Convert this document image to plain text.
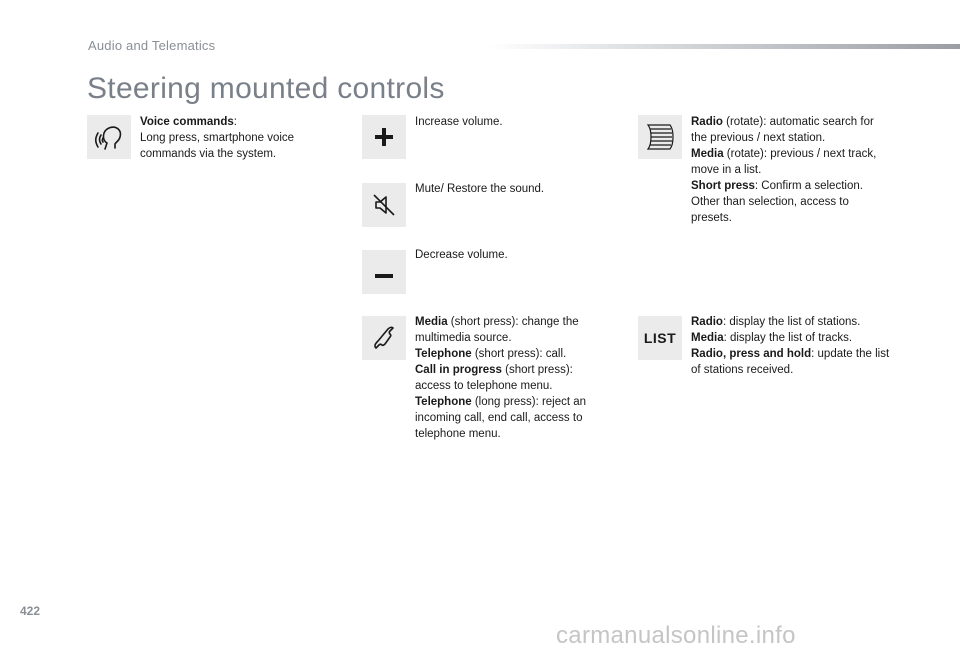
Audio and Telematics
Steering mounted controls

Voice commands:

Long press, smartphone voice commands via the system.

Increase volume.

Mute/ Restore the sound.

Decrease volume.

Media (short press): change the multimedia source.

Telephone (short press): call.

Call in progress (short press): access to telephone menu.

Telephone (long press): reject an incoming call, end call, access to telephone menu.

Radio (rotate): automatic search for the previous / next station.

Media (rotate): previous / next track, move in a list.

Short press: Confirm a selection. Other than selection, access to presets.

LIST

Radio: display the list of stations.

Media: display the list of tracks.

Radio, press and hold: update the list of stations received.

422
carmanualsonline.info
